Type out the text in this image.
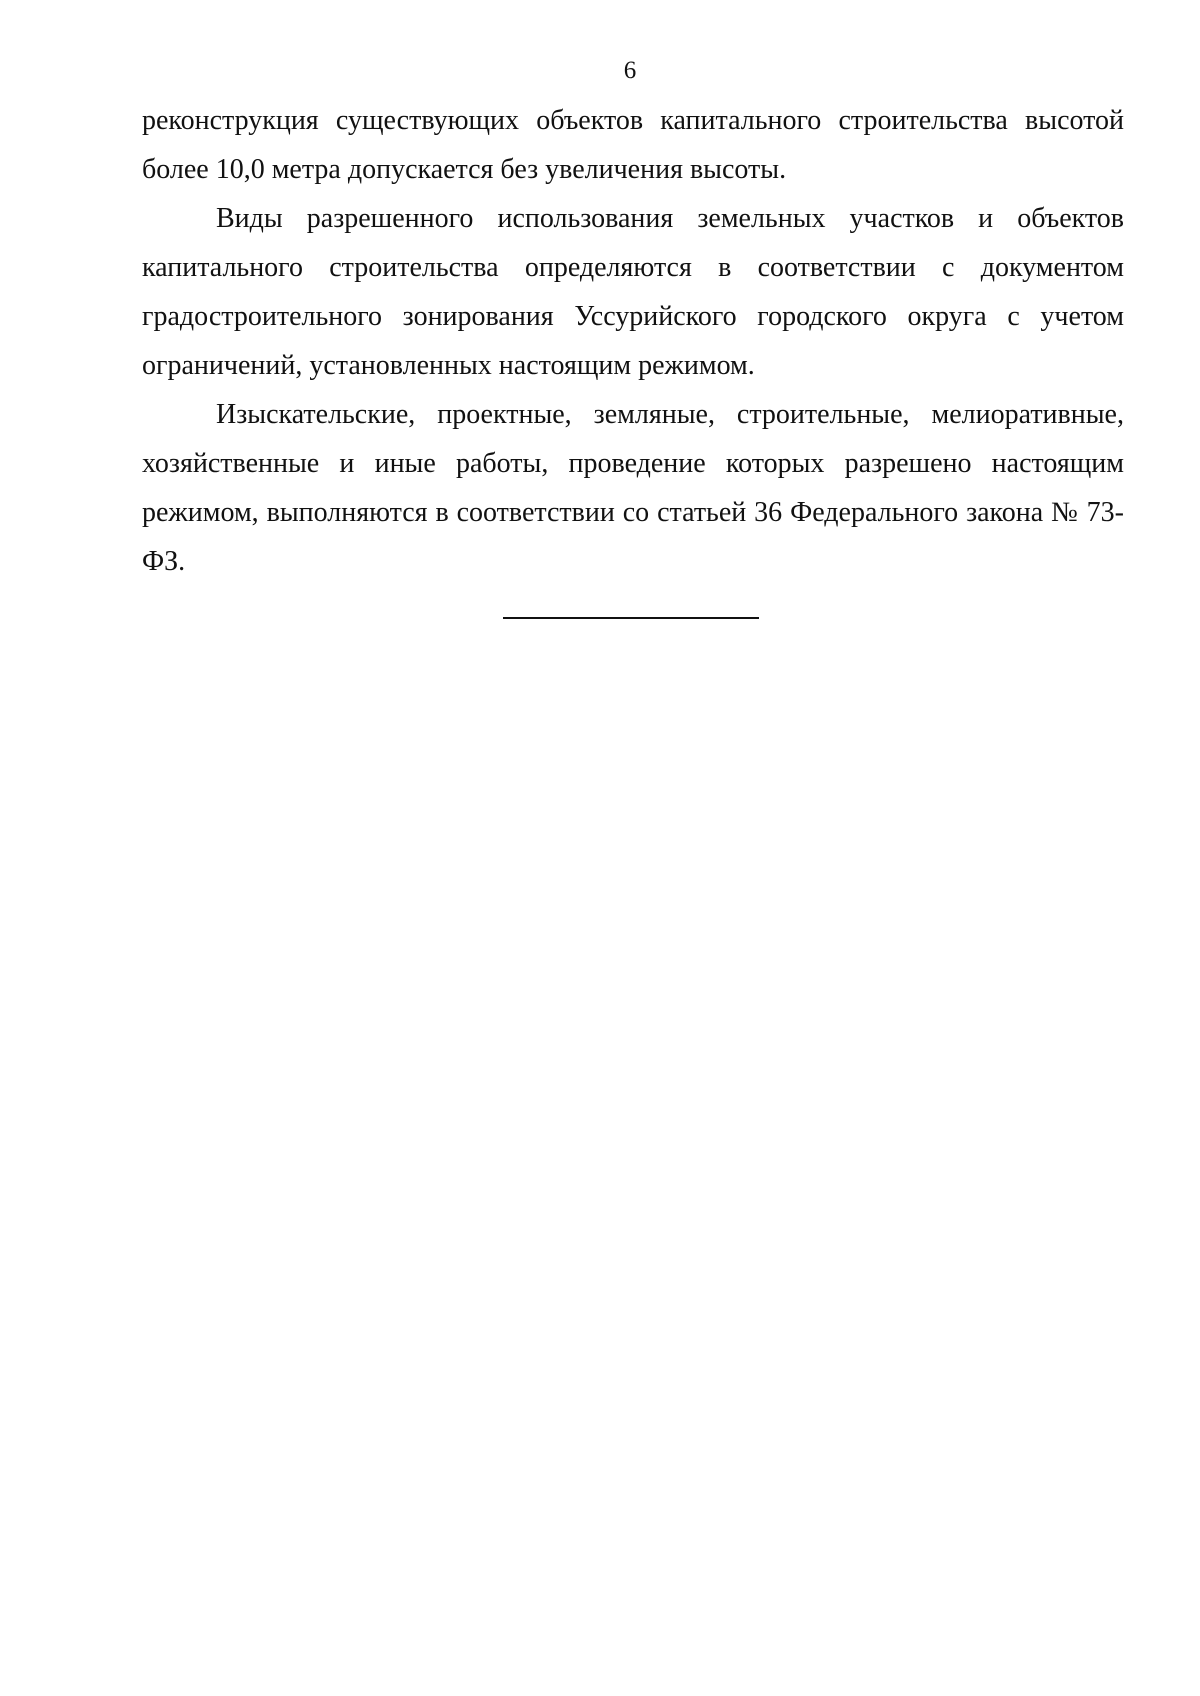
6

реконструкция существующих объектов капитального строительства высотой более 10,0 метра допускается без увеличения высоты.

Виды разрешенного использования земельных участков и объектов капитального строительства определяются в соответствии с документом градостроительного зонирования Уссурийского городского округа с учетом ограничений, установленных настоящим режимом.

Изыскательские, проектные, земляные, строительные, мелиоративные, хозяйственные и иные работы, проведение которых разрешено настоящим режимом, выполняются в соответствии со статьей 36 Федерального закона № 73-ФЗ.
